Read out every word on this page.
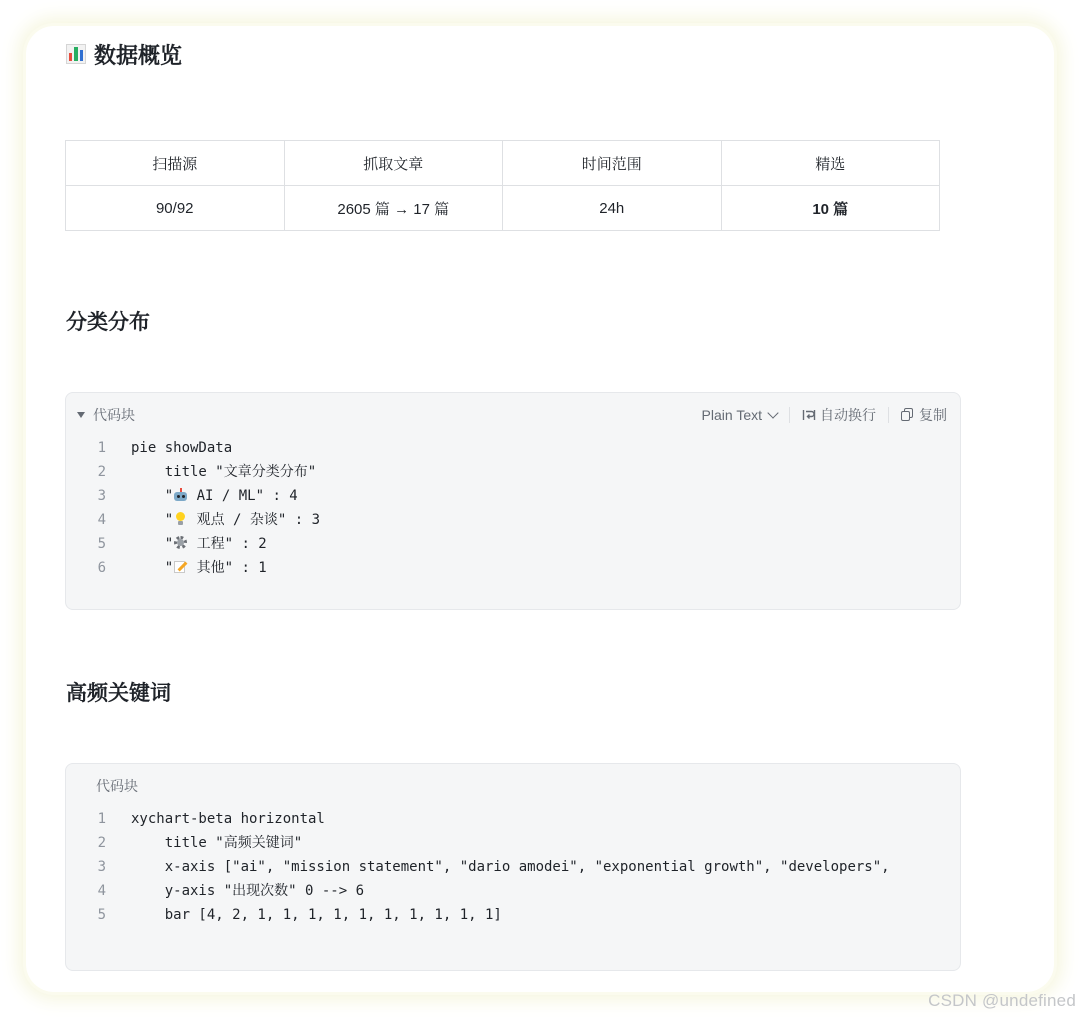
数据概览
扫描源	抓取文章	时间范围	精选
90/92	2605 篇 → 17 篇	24h	10 篇
分类分布
代码块	Plain Text	自动换行	复制
1 pie showData
2 title "文章分类分布"
3 "
AI / ML" : 4
4 "
观点 / 杂谈" : 3
5 "
工程" : 2
6 "
其他" : 1
高频关键词
代码块
1 xychart-beta horizontal
2 title "高频关键词"
3 x-axis ["ai", "mission statement", "dario amodei", "exponential growth", "developers",
4 y-axis "出现次数" 0 --> 6
5 bar [4, 2, 1, 1, 1, 1, 1, 1, 1, 1, 1, 1]
CSDN @undefined
